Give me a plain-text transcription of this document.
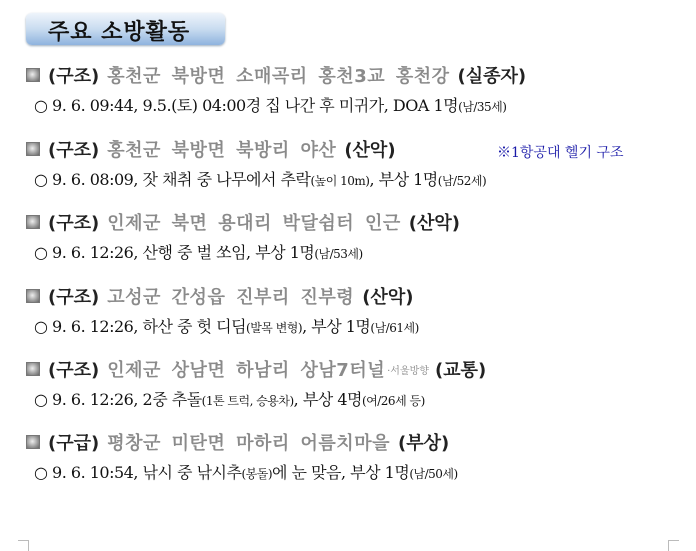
주요 소방활동
※1항공대 헬기 구조
(구조) 홍천군 북방면 소매곡리 홍천3교 홍천강 (실종자)
○ 9. 6. 09:44, 9.5.(토) 04:00경 집 나간 후 미귀가, DOA 1명(남/35세)
(구조) 홍천군 북방면 북방리 야산 (산악)
○ 9. 6. 08:09, 잣 채취 중 나무에서 추락(높이 10m), 부상 1명(남/52세)
(구조) 인제군 북면 용대리 박달쉼터 인근 (산악)
○ 9. 6. 12:26, 산행 중 벌 쏘임, 부상 1명(남/53세)
(구조) 고성군 간성읍 진부리 진부령 (산악)
○ 9. 6. 12:26, 하산 중 헛 디딤(발목 변형), 부상 1명(남/61세)
(구조) 인제군 상남면 하남리 상남7터널 ·서울방향 (교통)
○ 9. 6. 12:26, 2중 추돌(1톤 트럭, 승용차), 부상 4명(여/26세 등)
(구급) 평창군 미탄면 마하리 어름치마을 (부상)
○ 9. 6. 10:54, 낚시 중 낚시추(봉돌)에 눈 맞음, 부상 1명(남/50세)
